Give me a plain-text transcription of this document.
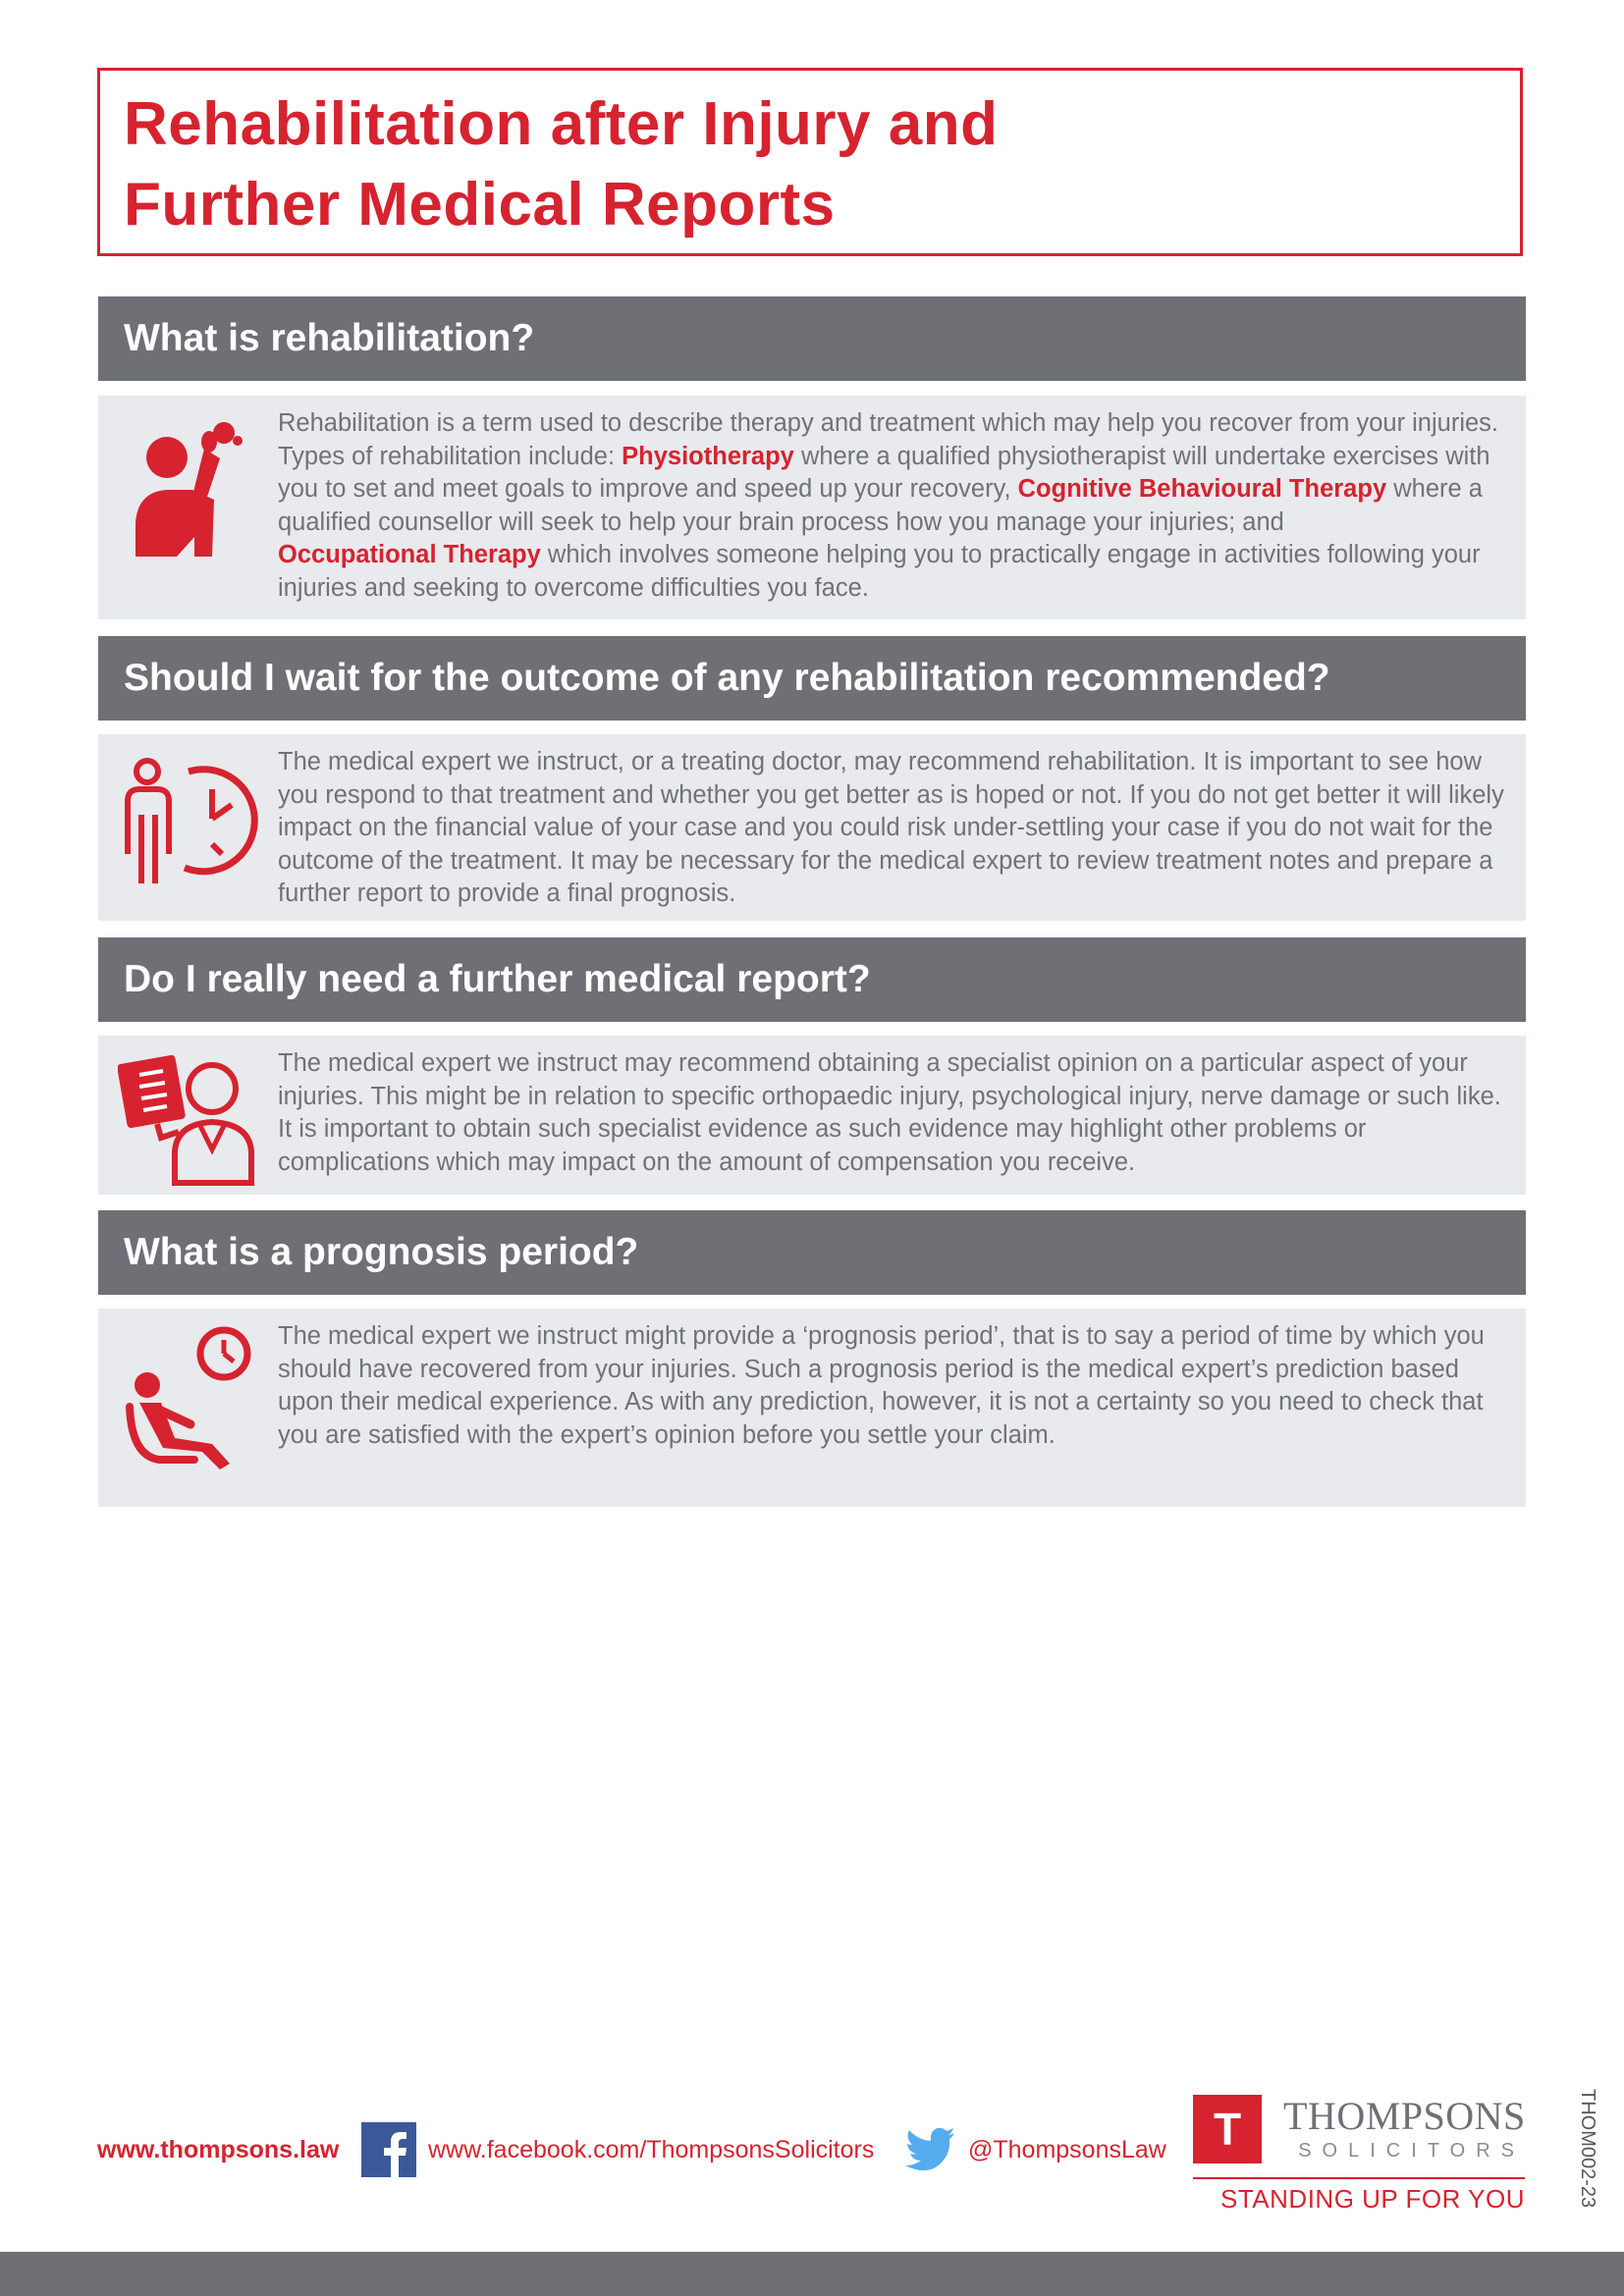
Rehabilitation after Injury and
Further Medical Reports
What is rehabilitation?
Rehabilitation is a term used to describe therapy and treatment which may help you recover from your injuries. Types of rehabilitation include: Physiotherapy where a qualified physiotherapist will undertake exercises with you to set and meet goals to improve and speed up your recovery, Cognitive Behavioural Therapy where a qualified counsellor will seek to help your brain process how you manage your injuries; and
Occupational Therapy which involves someone helping you to practically engage in activities following your injuries and seeking to overcome difficulties you face.
Should I wait for the outcome of any rehabilitation recommended?
The medical expert we instruct, or a treating doctor, may recommend rehabilitation. It is important to see how you respond to that treatment and whether you get better as is hoped or not. If you do not get better it will likely impact on the financial value of your case and you could risk under-settling your case if you do not wait for the outcome of the treatment. It may be necessary for the medical expert to review treatment notes and prepare a further report to provide a final prognosis.
Do I really need a further medical report?
The medical expert we instruct may recommend obtaining a specialist opinion on a particular aspect of your injuries. This might be in relation to specific orthopaedic injury, psychological injury, nerve damage or such like. It is important to obtain such specialist evidence as such evidence may highlight other problems or complications which may impact on the amount of compensation you receive.
What is a prognosis period?
The medical expert we instruct might provide a ‘prognosis period’, that is to say a period of time by which you should have recovered from your injuries. Such a prognosis period is the medical expert’s prediction based upon their medical experience. As with any prediction, however, it is not a certainty so you need to check that you are satisfied with the expert’s opinion before you settle your claim.
www.thompsons.law	www.facebook.com/ThompsonsSolicitors	@ThompsonsLaw	T	THOMPSONS
SOLICITORS
STANDING UP FOR YOU	THOM002-23
